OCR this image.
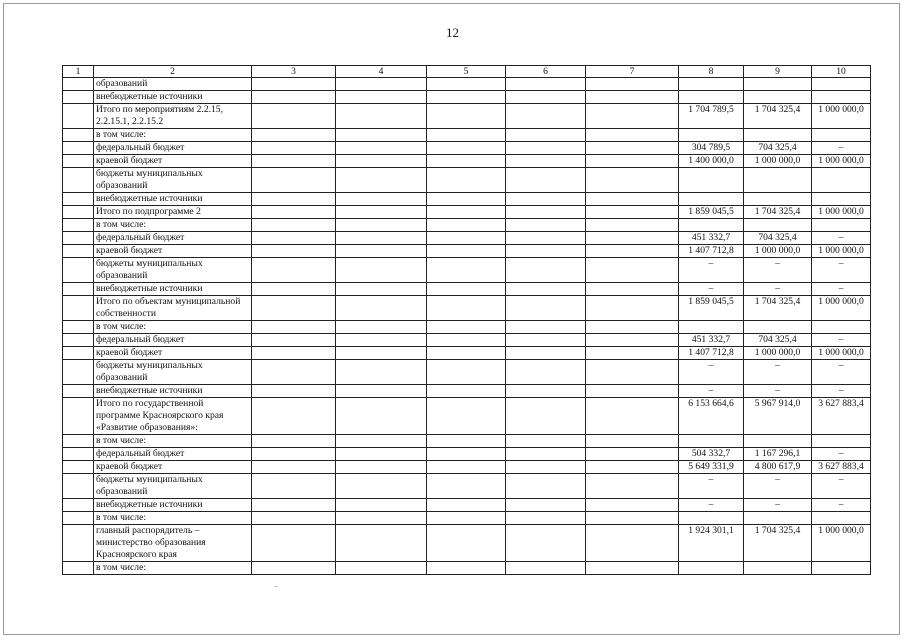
12
1	2	3	4	5	6	7	8	9	10
	образований								
	внебюджетные источники								
	Итого по мероприятиям 2.2.15, 2.2.15.1, 2.2.15.2						1 704 789,5	1 704 325,4	1 000 000,0
	в том числе:								
	федеральный бюджет						304 789,5	704 325,4	–
	краевой бюджет						1 400 000,0	1 000 000,0	1 000 000,0
	бюджеты муниципальных образований								
	внебюджетные источники								
	Итого по подпрограмме 2						1 859 045,5	1 704 325,4	1 000 000,0
	в том числе:								
	федеральный бюджет						451 332,7	704 325,4	–
	краевой бюджет						1 407 712,8	1 000 000,0	1 000 000,0
	бюджеты муниципальных образований						–	–	–
	внебюджетные источники						–	–	–
	Итого по объектам муниципальной собственности						1 859 045,5	1 704 325,4	1 000 000,0
	в том числе:								
	федеральный бюджет						451 332,7	704 325,4	–
	краевой бюджет						1 407 712,8	1 000 000,0	1 000 000,0
	бюджеты муниципальных образований						–	–	–
	внебюджетные источники						–	–	–
	Итого по государственной программе Красноярского края «Развитие образования»:						6 153 664,6	5 967 914,0	3 627 883,4
	в том числе:								
	федеральный бюджет						504 332,7	1 167 296,1	–
	краевой бюджет						5 649 331,9	4 800 617,9	3 627 883,4
	бюджеты муниципальных образований						–	–	–
	внебюджетные источники						–	–	–
	в том числе:								
	главный распорядитель – министерство образования Красноярского края						1 924 301,1	1 704 325,4	1 000 000,0
	в том числе:								
